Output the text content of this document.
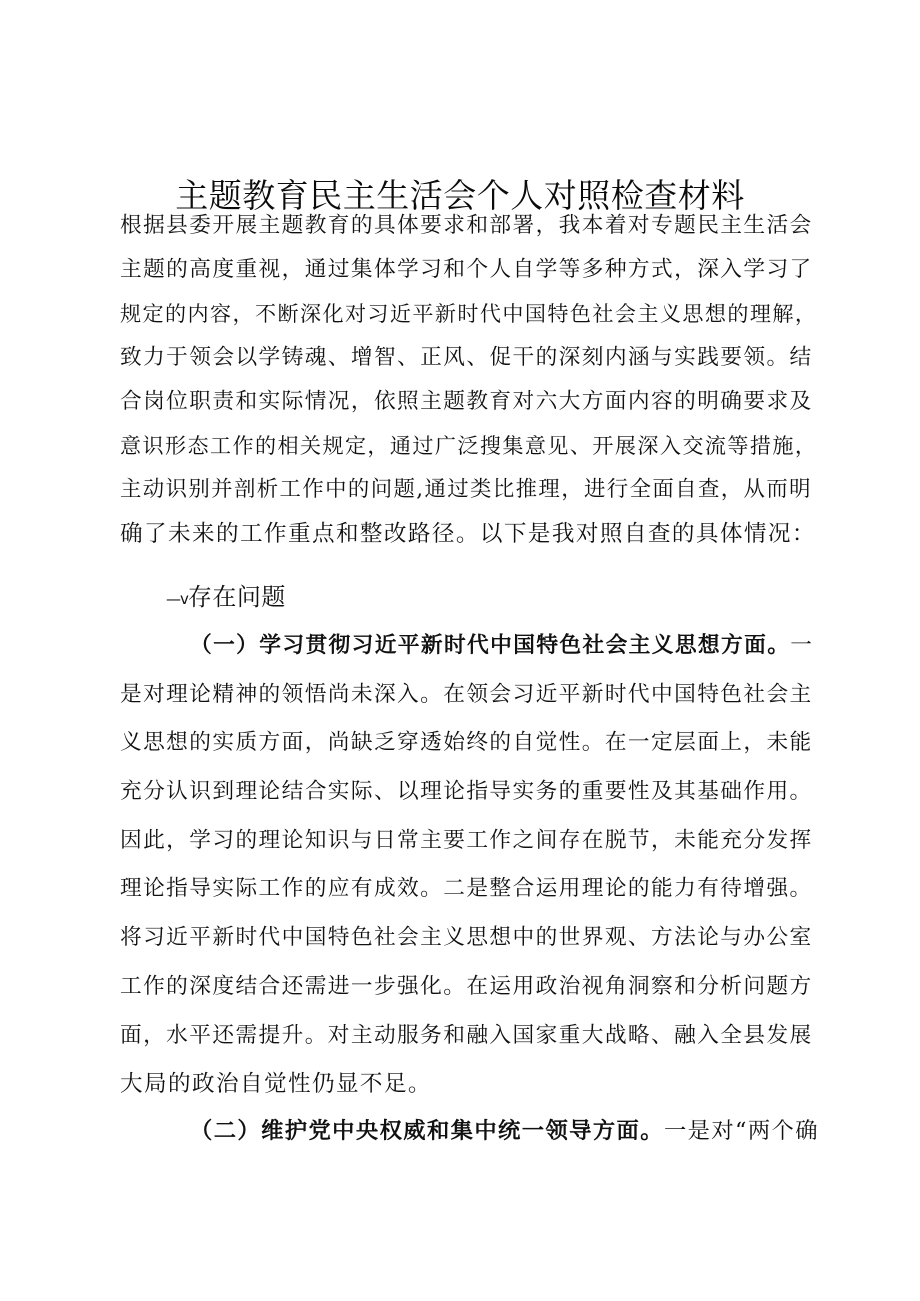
主题教育民主生活会个人对照检查材料
根据县委开展主题教育的具体要求和部署，我本着对专题民主生活会
主题的高度重视，通过集体学习和个人自学等多种方式，深入学习了
规定的内容，不断深化对习近平新时代中国特色社会主义思想的理解，
致力于领会以学铸魂、增智、正风、促干的深刻内涵与实践要领。结
合岗位职责和实际情况，依照主题教育对六大方面内容的明确要求及
意识形态工作的相关规定，通过广泛搜集意见、开展深入交流等措施，
主动识别并剖析工作中的问题,通过类比推理，进行全面自查，从而明
确了未来的工作重点和整改路径。以下是我对照自查的具体情况：
—v存在问题
（一）学习贯彻习近平新时代中国特色社会主义思想方面。一
是对理论精神的领悟尚未深入。在领会习近平新时代中国特色社会主
义思想的实质方面，尚缺乏穿透始终的自觉性。在一定层面上，未能
充分认识到理论结合实际、以理论指导实务的重要性及其基础作用。
因此，学习的理论知识与日常主要工作之间存在脱节，未能充分发挥
理论指导实际工作的应有成效。二是整合运用理论的能力有待增强。
将习近平新时代中国特色社会主义思想中的世界观、方法论与办公室
工作的深度结合还需进一步强化。在运用政治视角洞察和分析问题方
面，水平还需提升。对主动服务和融入国家重大战略、融入全县发展
大局的政治自觉性仍显不足。
（二）维护党中央权威和集中统一领导方面。一是对“两个确
